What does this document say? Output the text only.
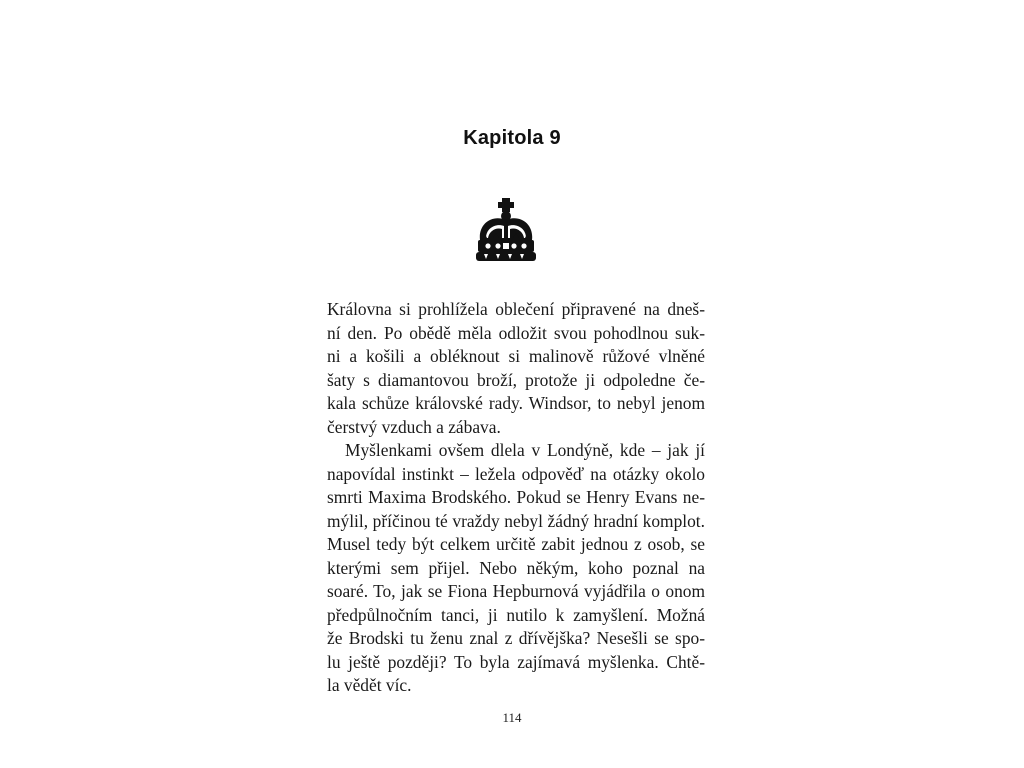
Kapitola 9
Královna si prohlížela oblečení připravené na dneš-
ní den. Po obědě měla odložit svou pohodlnou suk-
ni a košili a obléknout si malinově růžové vlněné
šaty s diamantovou broží, protože ji odpoledne če-
kala schůze královské rady. Windsor, to nebyl jenom
čerstvý vzduch a zábava.
Myšlenkami ovšem dlela v Londýně, kde – jak jí
napovídal instinkt – ležela odpověď na otázky okolo
smrti Maxima Brodského. Pokud se Henry Evans ne-
mýlil, příčinou té vraždy nebyl žádný hradní komplot.
Musel tedy být celkem určitě zabit jednou z osob, se
kterými sem přijel. Nebo někým, koho poznal na
soaré. To, jak se Fiona Hepburnová vyjádřila o onom
předpůlnočním tanci, ji nutilo k zamyšlení. Možná
že Brodski tu ženu znal z dřívějška? Nesešli se spo-
lu ještě později? To byla zajímavá myšlenka. Chtě-
la vědět víc.
114
